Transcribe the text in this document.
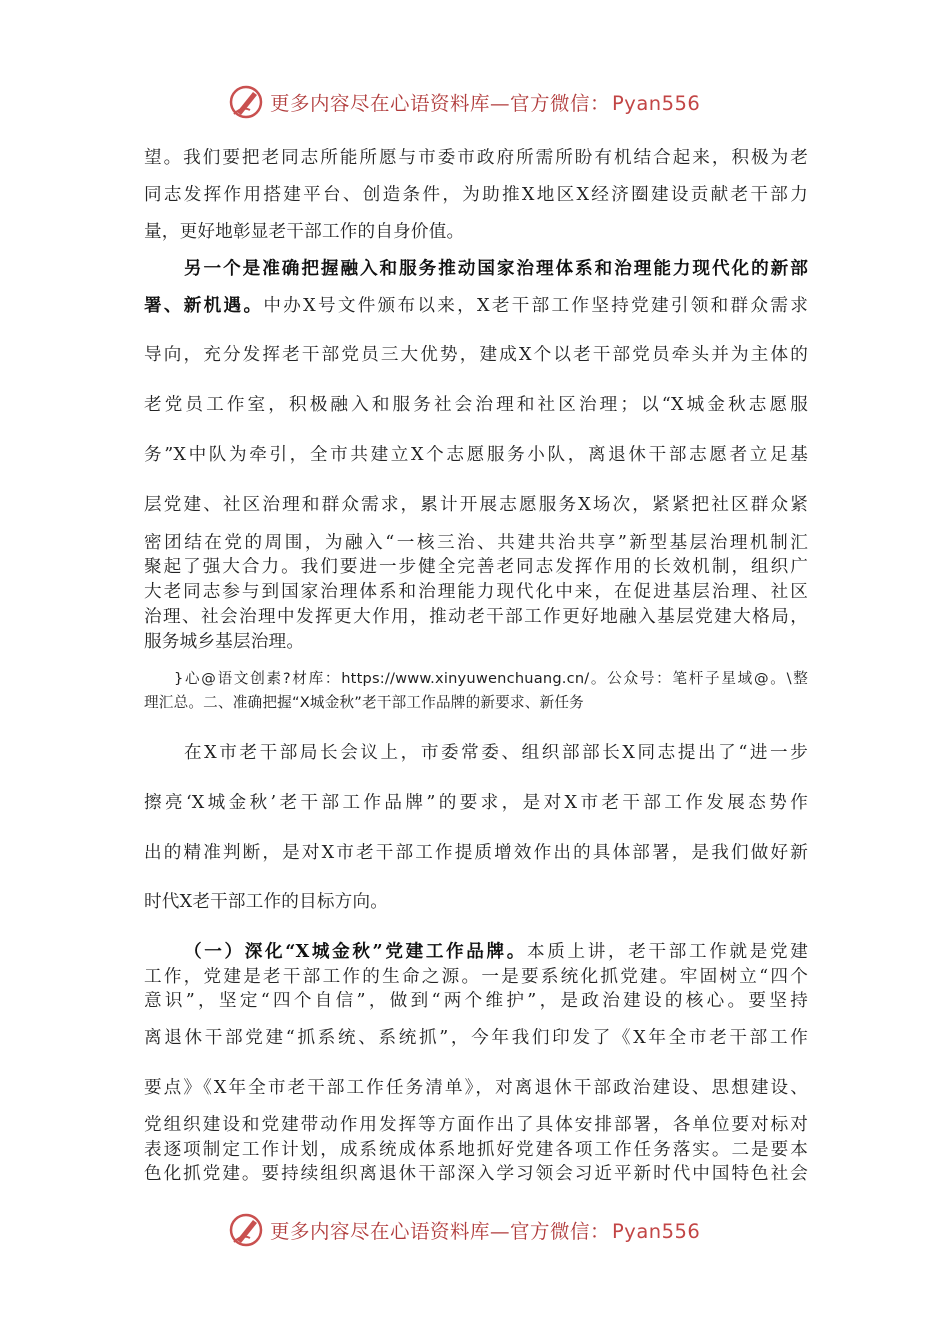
更多内容尽在心语资料库—官方微信： Pyan556
望。我们要把老同志所能所愿与市委市政府所需所盼有机结合起来，积极为老
同志发挥作用搭建平台、创造条件，为助推X地区X经济圈建设贡献老干部力
量，更好地彰显老干部工作的自身价值。
另一个是准确把握融入和服务推动国家治理体系和治理能力现代化的新部
署、新机遇。中办X号文件颁布以来，X老干部工作坚持党建引领和群众需求
导向，充分发挥老干部党员三大优势，建成X个以老干部党员牵头并为主体的
老党员工作室，积极融入和服务社会治理和社区治理；以“X城金秋志愿服
务”X中队为牵引，全市共建立X个志愿服务小队，离退休干部志愿者立足基
层党建、社区治理和群众需求，累计开展志愿服务X场次，紧紧把社区群众紧
密团结在党的周围，为融入“一核三治、共建共治共享”新型基层治理机制汇
聚起了强大合力。我们要进一步健全完善老同志发挥作用的长效机制，组织广
大老同志参与到国家治理体系和治理能力现代化中来，在促进基层治理、社区
治理、社会治理中发挥更大作用，推动老干部工作更好地融入基层党建大格局，
服务城乡基层治理。
}心@语文创素?材库：https://www.xinyuwenchuang.cn/。公众号：笔杆子星域@。\整
理汇总。二、准确把握“X城金秋”老干部工作品牌的新要求、新任务
在X市老干部局长会议上，市委常委、组织部部长X同志提出了“进一步
擦亮‘X城金秋’老干部工作品牌”的要求，是对X市老干部工作发展态势作
出的精准判断，是对X市老干部工作提质增效作出的具体部署，是我们做好新
时代X老干部工作的目标方向。
（一）深化“X城金秋”党建工作品牌。本质上讲，老干部工作就是党建
工作，党建是老干部工作的生命之源。一是要系统化抓党建。牢固树立“四个
意识”，坚定“四个自信”，做到“两个维护”，是政治建设的核心。要坚持
离退休干部党建“抓系统、系统抓”，今年我们印发了《X年全市老干部工作
要点》《X年全市老干部工作任务清单》，对离退休干部政治建设、思想建设、
党组织建设和党建带动作用发挥等方面作出了具体安排部署，各单位要对标对
表逐项制定工作计划，成系统成体系地抓好党建各项工作任务落实。二是要本
色化抓党建。要持续组织离退休干部深入学习领会习近平新时代中国特色社会
更多内容尽在心语资料库—官方微信： Pyan556
